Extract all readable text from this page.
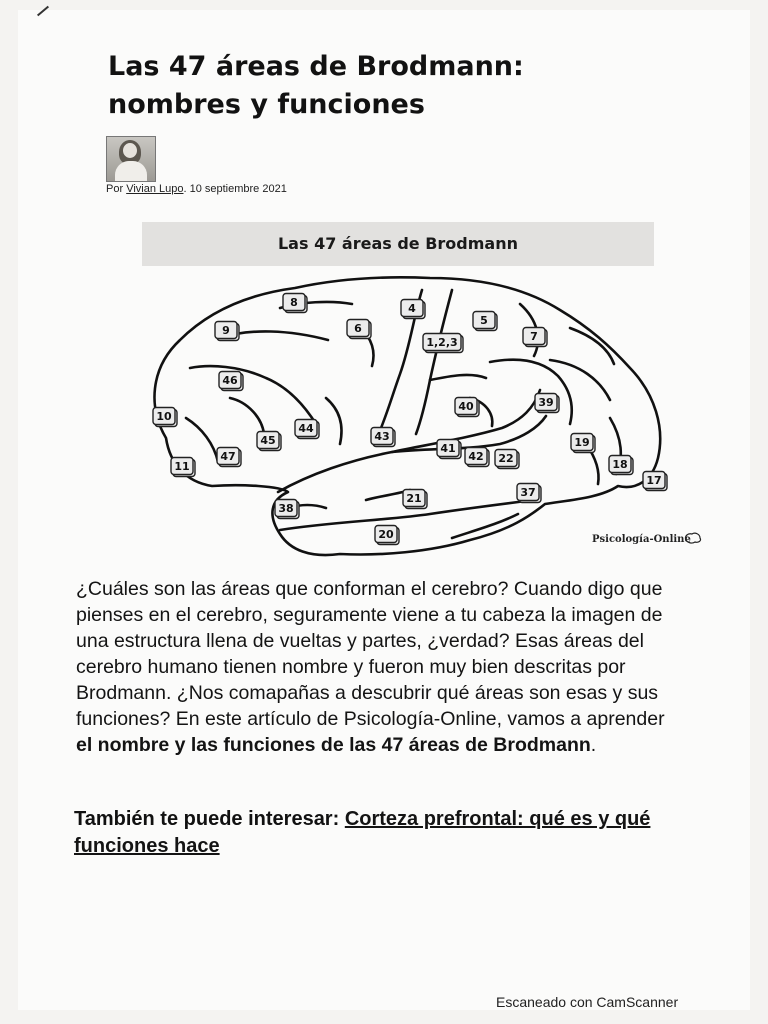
Las 47 áreas de Brodmann:
nombres y funciones
Por Vivian Lupo. 10 septiembre 2021
Las 47 áreas de Brodmann
8	4
9	6
5
1,2,3	7
46
40	39
10
44
45	43
41
42 22
19
18
17
11
47
37
21
38
20	Psicología-Online
¿Cuáles son las áreas que conforman el cerebro? Cuando digo que pienses en el cerebro, seguramente viene a tu cabeza la imagen de una estructura llena de vueltas y partes, ¿verdad? Esas áreas del cerebro humano tienen nombre y fueron muy bien descritas por Brodmann. ¿Nos comapañas a descubrir qué áreas son esas y sus funciones? En este artículo de Psicología-Online, vamos a aprender el nombre y las funciones de las 47 áreas de Brodmann.
También te puede interesar: Corteza prefrontal: qué es y qué funciones hace
Escaneado con CamScanner
